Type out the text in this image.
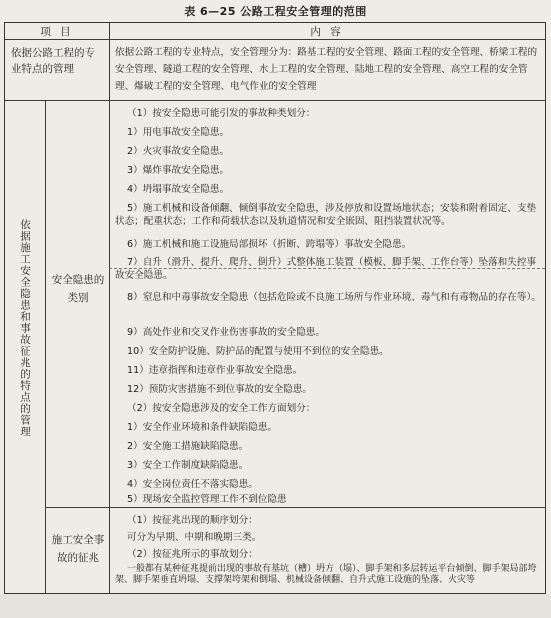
表 6—25 公路工程安全管理的范围
项 目	内 容
依据公路工程的专业特点的管理
依据公路工程的专业特点，安全管理分为：路基工程的安全管理、路面工程的安全管理、桥梁工程的安全管理、隧道工程的安全管理、水上工程的安全管理、陆地工程的安全管理、高空工程的安全管理、爆破工程的安全管理、电气作业的安全管理
依据施工安全隐患和事故征兆的特点的管理 安全隐患的类别
施工安全事故的征兆
（1）按安全隐患可能引发的事故种类划分：
1）用电事故安全隐患。
2）火灾事故安全隐患。
3）爆炸事故安全隐患。
4）坍塌事故安全隐患。
5）施工机械和设备倾翻、倾倒事故安全隐患，涉及停放和设置场地状态；安装和附着固定、支垫状态；配重状态；工作和荷载状态以及轨道情况和安全嵌固、阻挡装置状况等。
6）施工机械和施工设施局部损坏（折断、跨塌等）事故安全隐患。
7）自升（滑升、提升、爬升、倒升）式整体施工装置（模板、脚手架、工作台等）坠落和失控事故安全隐患。
8）窒息和中毒事故安全隐患（包括危险或不良施工场所与作业环境、毒气和有毒物品的存在等）。
9）高处作业和交叉作业伤害事故的安全隐患。
10）安全防护设施、防护品的配置与使用不到位的安全隐患。
11）违章指挥和违章作业事故安全隐患。
12）预防灾害措施不到位事故的安全隐患。
（2）按安全隐患涉及的安全工作方面划分：
1）安全作业环境和条件缺陷隐患。
2）安全施工措施缺陷隐患。
3）安全工作制度缺陷隐患。
4）安全岗位责任不落实隐患。
5）现场安全监控管理工作不到位隐患
（1）按征兆出现的顺序划分：
可分为早期、中期和晚期三类。
（2）按征兆所示的事故划分：
一般都有某种征兆提前出现的事故有基坑（槽）坍方（塌）、脚手架和多层转运平台倾倒、脚手架局部垮架、脚手架垂直坍塌、支撑架垮架和倒塌、机械设备倾翻、自升式施工设施的坠落、火灾等
